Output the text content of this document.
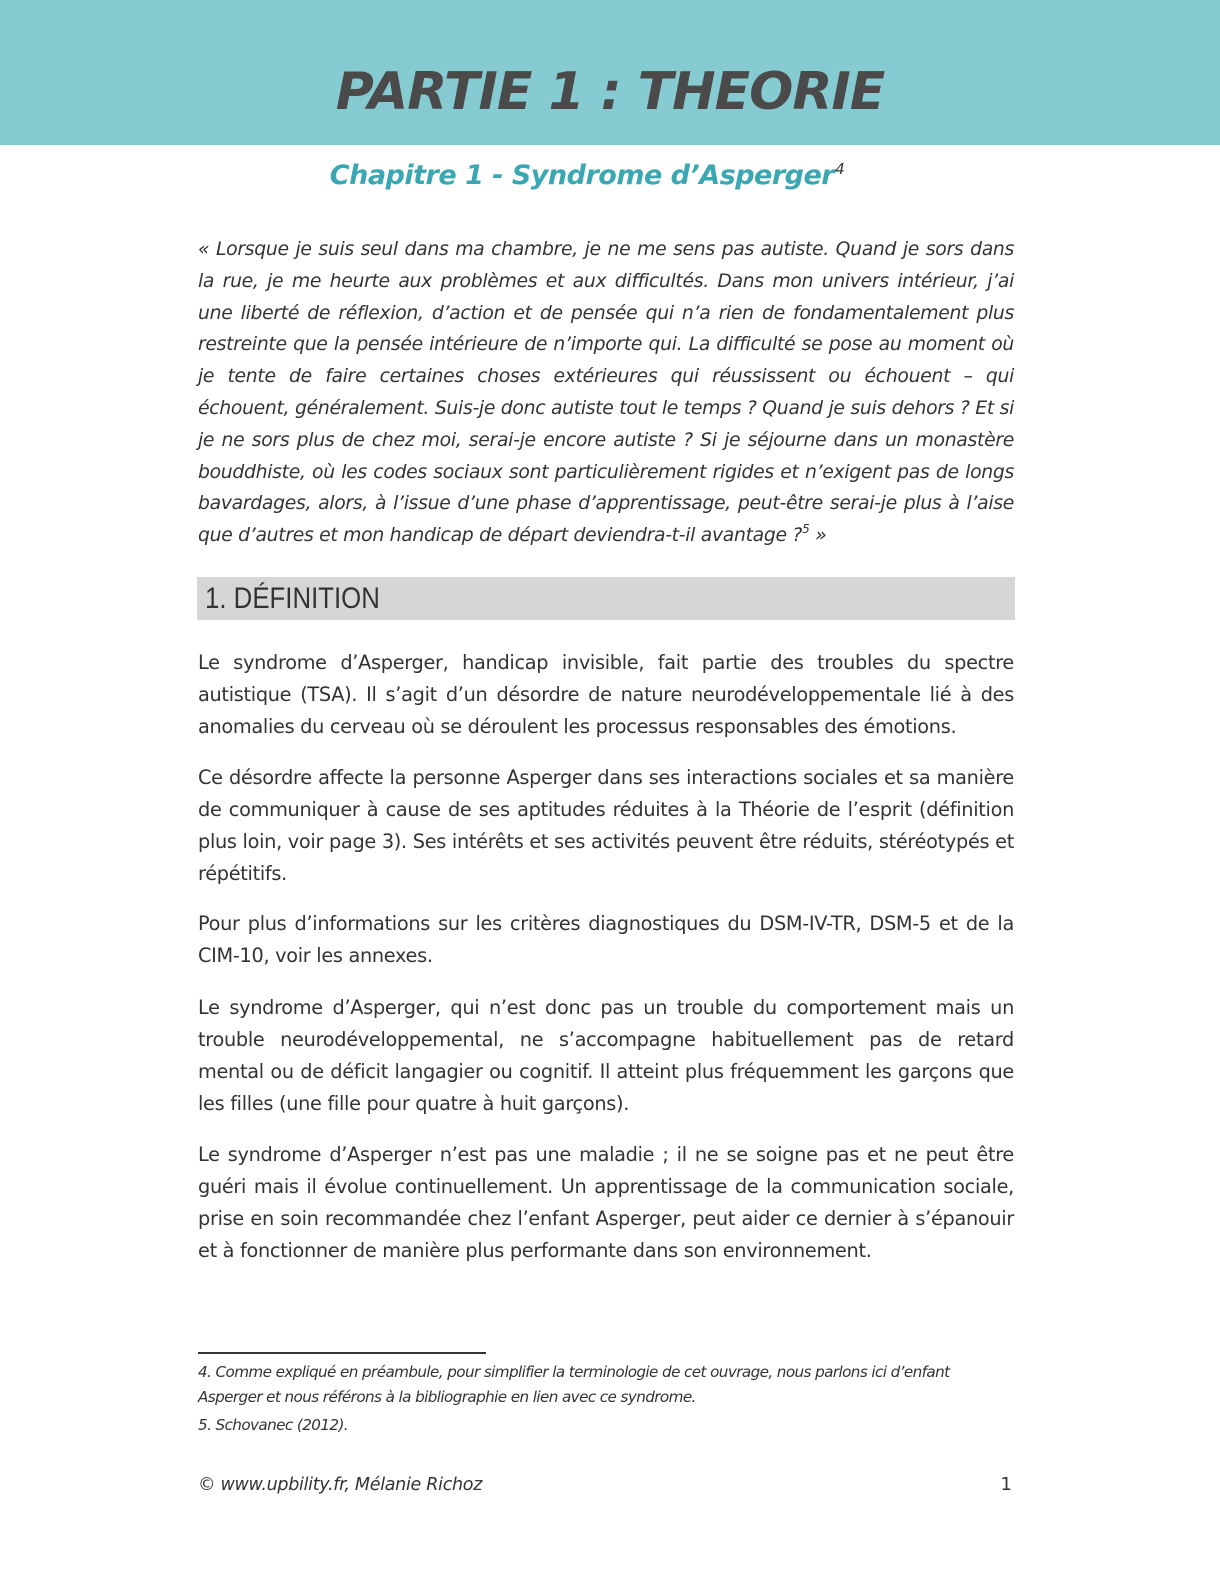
PARTIE 1 : THEORIE
Chapitre 1 - Syndrome d’Asperger$^4$

« Lorsque je suis seul dans ma chambre, je ne me sens pas autiste. Quand je sors dans la rue, je me heurte aux problèmes et aux difficultés. Dans mon univers intérieur, j’ai une liberté de réflexion, d’action et de pensée qui n’a rien de fondamentalement plus restreinte que la pensée intérieure de n’importe qui. La difficulté se pose au moment où je tente de faire certaines choses extérieures qui réussissent ou échouent – qui échouent, généralement. Suis-je donc autiste tout le temps ? Quand je suis dehors ? Et si je ne sors plus de chez moi, serai-je encore autiste ? Si je séjourne dans un monastère bouddhiste, où les codes sociaux sont particulièrement rigides et n’exigent pas de longs bavardages, alors, à l’issue d’une phase d’apprentissage, peut-être serai-je plus à l’aise que d’autres et mon handicap de départ deviendra-t-il avantage ?$^5$ »

1. DÉFINITION

Le syndrome d’Asperger, handicap invisible, fait partie des troubles du spectre autistique (TSA). Il s’agit d’un désordre de nature neurodéveloppementale lié à des anomalies du cerveau où se déroulent les processus responsables des émotions.

Ce désordre affecte la personne Asperger dans ses interactions sociales et sa manière de communiquer à cause de ses aptitudes réduites à la Théorie de l’esprit (définition plus loin, voir page 3). Ses intérêts et ses activités peuvent être réduits, stéréotypés et répétitifs.

Pour plus d’informations sur les critères diagnostiques du DSM-IV-TR, DSM-5 et de la CIM-10, voir les annexes.

Le syndrome d’Asperger, qui n’est donc pas un trouble du comportement mais un trouble neurodéveloppemental, ne s’accompagne habituellement pas de retard mental ou de déficit langagier ou cognitif. Il atteint plus fréquemment les garçons que les filles (une fille pour quatre à huit garçons).

Le syndrome d’Asperger n’est pas une maladie ; il ne se soigne pas et ne peut être guéri mais il évolue continuellement. Un apprentissage de la communication sociale, prise en soin recommandée chez l’enfant Asperger, peut aider ce dernier à s’épanouir et à fonctionner de manière plus performante dans son environnement.

4. Comme expliqué en préambule, pour simplifier la terminologie de cet ouvrage, nous parlons ici d’enfant Asperger et nous référons à la bibliographie en lien avec ce syndrome.

5. Schovanec (2012).

© www.upbility.fr, Mélanie Richoz	1
